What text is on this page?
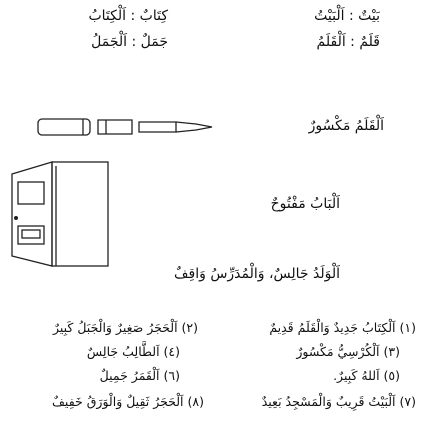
بَيْتٌ : اَلْبَيْتُ
قَلَمٌ : اَلْقَلَمُ
كِتَابٌ : اَلْكِتَابُ
جَمَلٌ : اَلْجَمَلُ
اَلْقَلَمُ مَكْسُورٌ
اَلْبَابُ مَفْتُوحٌ
اَلْوَلَدُ جَالِسٌ، وَالْمُدَرِّسُ وَاقِفٌ
(١) اَلْكِتَابُ جَدِيدٌ وَالْقَلَمُ قَدِيمٌ
(٣) اَلْكُرْسِيُّ مَكْسُورٌ
(٥) اَللهُ كَبِيرٌ.
(٧) اَلْبَيْتُ قَرِيبٌ وَالْمَسْجِدُ بَعِيدٌ
(٢) اَلْحَجَرُ صَغِيرٌ وَالْجَبَلُ كَبِيرٌ
(٤) اَلطَّالِبُ جَالِسٌ
(٦) اَلْقَمَرُ جَمِيلٌ
(٨) اَلْحَجَرُ ثَقِيلٌ وَالْوَرَقُ خَفِيفٌ
